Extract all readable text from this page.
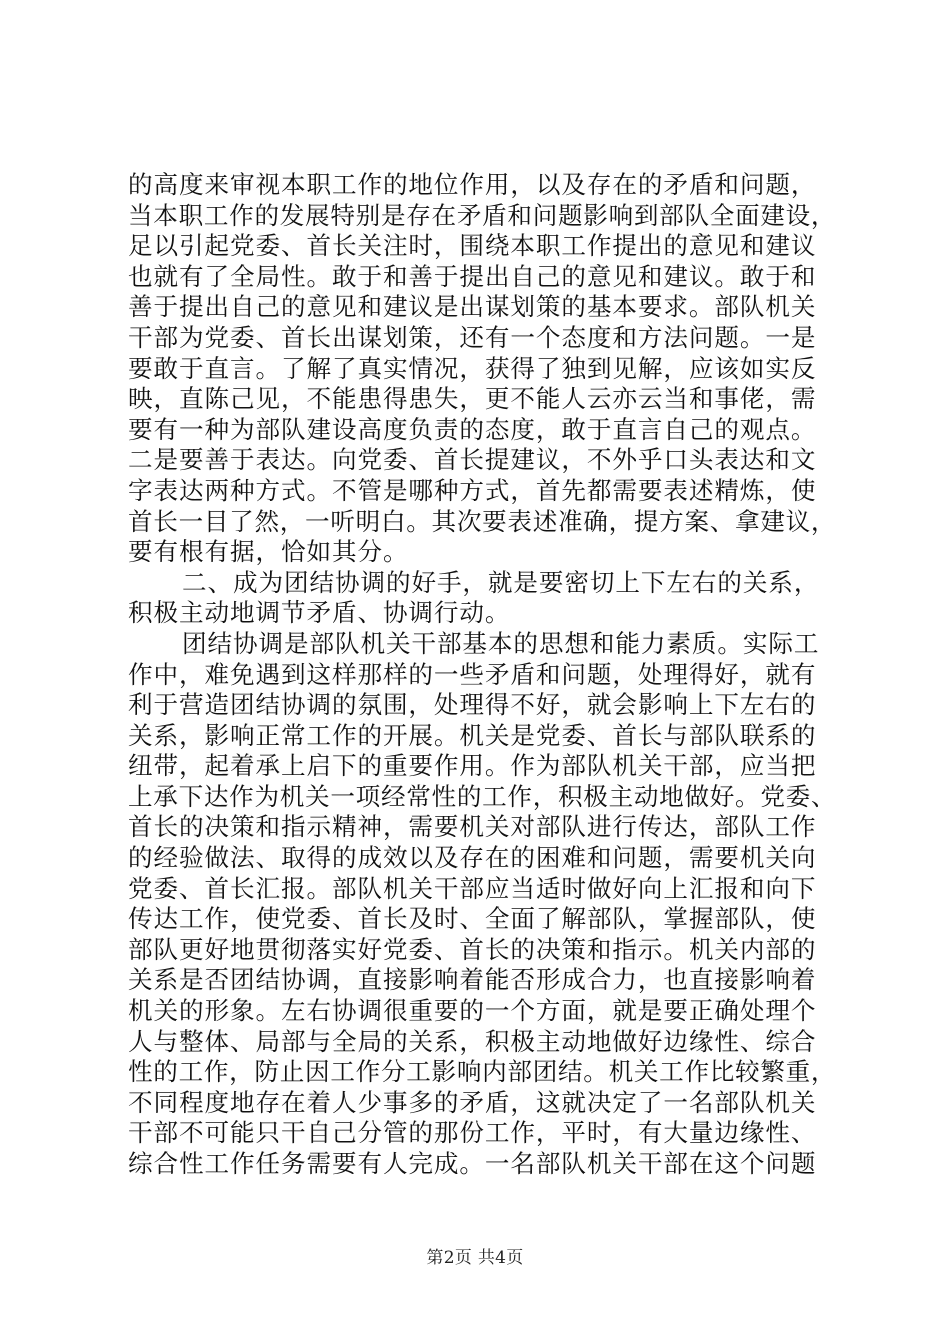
的高度来审视本职工作的地位作用，以及存在的矛盾和问题，
当本职工作的发展特别是存在矛盾和问题影响到部队全面建设，
足以引起党委、首长关注时，围绕本职工作提出的意见和建议
也就有了全局性。敢于和善于提出自己的意见和建议。敢于和
善于提出自己的意见和建议是出谋划策的基本要求。部队机关
干部为党委、首长出谋划策，还有一个态度和方法问题。一是
要敢于直言。了解了真实情况，获得了独到见解，应该如实反
映，直陈己见，不能患得患失，更不能人云亦云当和事佬，需
要有一种为部队建设高度负责的态度，敢于直言自己的观点。
二是要善于表达。向党委、首长提建议，不外乎口头表达和文
字表达两种方式。不管是哪种方式，首先都需要表述精炼，使
首长一目了然，一听明白。其次要表述准确，提方案、拿建议，
要有根有据，恰如其分。
二、成为团结协调的好手，就是要密切上下左右的关系，
积极主动地调节矛盾、协调行动。
团结协调是部队机关干部基本的思想和能力素质。实际工
作中，难免遇到这样那样的一些矛盾和问题，处理得好，就有
利于营造团结协调的氛围，处理得不好，就会影响上下左右的
关系，影响正常工作的开展。机关是党委、首长与部队联系的
纽带，起着承上启下的重要作用。作为部队机关干部，应当把
上承下达作为机关一项经常性的工作，积极主动地做好。党委、
首长的决策和指示精神，需要机关对部队进行传达，部队工作
的经验做法、取得的成效以及存在的困难和问题，需要机关向
党委、首长汇报。部队机关干部应当适时做好向上汇报和向下
传达工作，使党委、首长及时、全面了解部队，掌握部队，使
部队更好地贯彻落实好党委、首长的决策和指示。机关内部的
关系是否团结协调，直接影响着能否形成合力，也直接影响着
机关的形象。左右协调很重要的一个方面，就是要正确处理个
人与整体、局部与全局的关系，积极主动地做好边缘性、综合
性的工作，防止因工作分工影响内部团结。机关工作比较繁重，
不同程度地存在着人少事多的矛盾，这就决定了一名部队机关
干部不可能只干自己分管的那份工作，平时，有大量边缘性、
综合性工作任务需要有人完成。一名部队机关干部在这个问题
第2页 共4页
